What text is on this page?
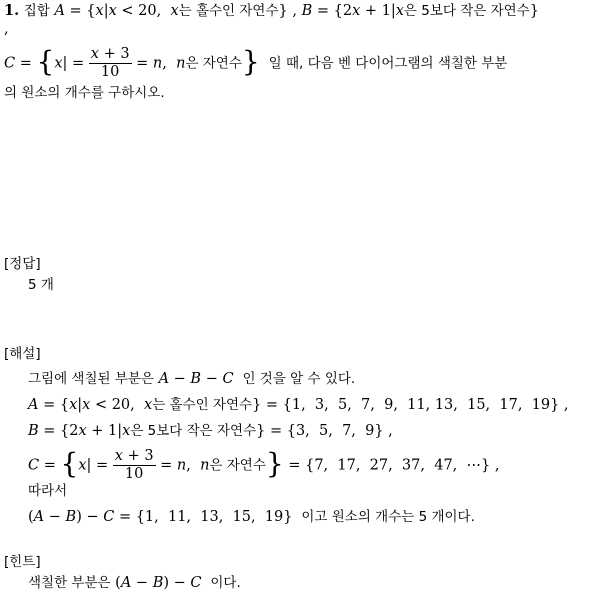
1. 집합 A = {x|x < 20, x는 홀수인 자연수} , B = {2x + 1|x은 5보다 작은 자연수}
,
$C = \{x| = \frac{x + 3}{10} = n$, n은 자연수}  일 때, 다음 벤 다이어그램의 색칠한 부분
의 원소의 개수를 구하시오.
[정답]
5 개
[해설]
그림에 색칠된 부분은 A − B − C  인 것을 알 수 있다.
A = {x|x < 20, x는 홀수인 자연수} = {1,  3,  5,  7,  9,  11, 13,  15,  17,  19} ,
B = {2x + 1|x은 5보다 작은 자연수} = {3,  5,  7,  9} ,
$C = \{x| = \frac{x + 3}{10} = n$, n은 자연수} = {7,  17,  27,  37,  47,  ⋯} ,
따라서
(A − B) − C = {1,  11,  13,  15,  19}  이고 원소의 개수는 5 개이다.
[힌트]
색칠한 부분은 (A − B) − C  이다.
